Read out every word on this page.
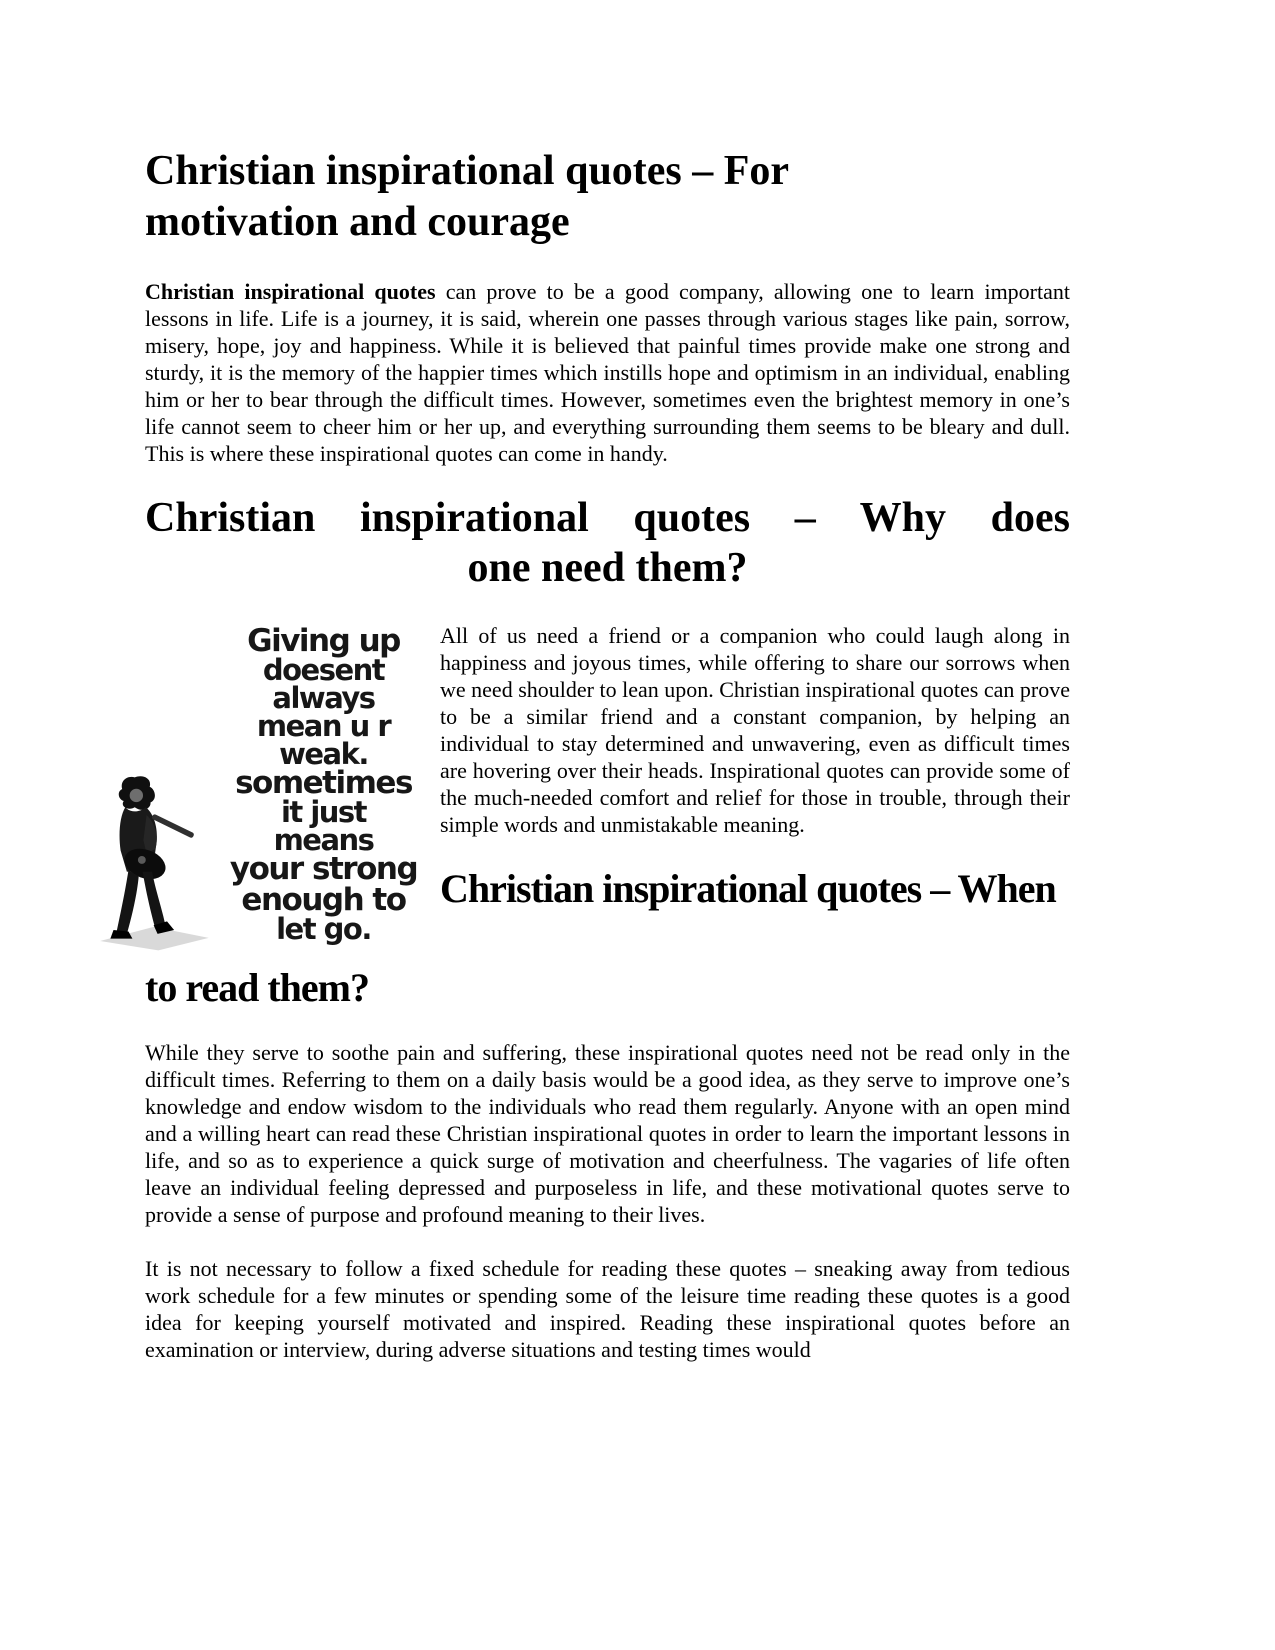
Christian inspirational quotes – For motivation and courage

Christian inspirational quotes can prove to be a good company, allowing one to learn important lessons in life. Life is a journey, it is said, wherein one passes through various stages like pain, sorrow, misery, hope, joy and happiness. While it is believed that painful times provide make one strong and sturdy, it is the memory of the happier times which instills hope and optimism in an individual, enabling him or her to bear through the difficult times. However, sometimes even the brightest memory in one’s life cannot seem to cheer him or her up, and everything surrounding them seems to be bleary and dull. This is where these inspirational quotes can come in handy.

Christian inspirational quotes – Why does
one need them?
Giving up
doesent
always
mean u r
weak.
sometimes
it just
means
your strong
enough to
let go.

All of us need a friend or a companion who could laugh along in happiness and joyous times, while offering to share our sorrows when we need shoulder to lean upon. Christian inspirational quotes can prove to be a similar friend and a constant companion, by helping an individual to stay determined and unwavering, even as difficult times are hovering over their heads. Inspirational quotes can provide some of the much-needed comfort and relief for those in trouble, through their simple words and unmistakable meaning.

Christian inspirational quotes – When
to read them?

While they serve to soothe pain and suffering, these inspirational quotes need not be read only in the difficult times. Referring to them on a daily basis would be a good idea, as they serve to improve one’s knowledge and endow wisdom to the individuals who read them regularly. Anyone with an open mind and a willing heart can read these Christian inspirational quotes in order to learn the important lessons in life, and so as to experience a quick surge of motivation and cheerfulness. The vagaries of life often leave an individual feeling depressed and purposeless in life, and these motivational quotes serve to provide a sense of purpose and profound meaning to their lives.

It is not necessary to follow a fixed schedule for reading these quotes – sneaking away from tedious work schedule for a few minutes or spending some of the leisure time reading these quotes is a good idea for keeping yourself motivated and inspired. Reading these inspirational quotes before an examination or interview, during adverse situations and testing times would
